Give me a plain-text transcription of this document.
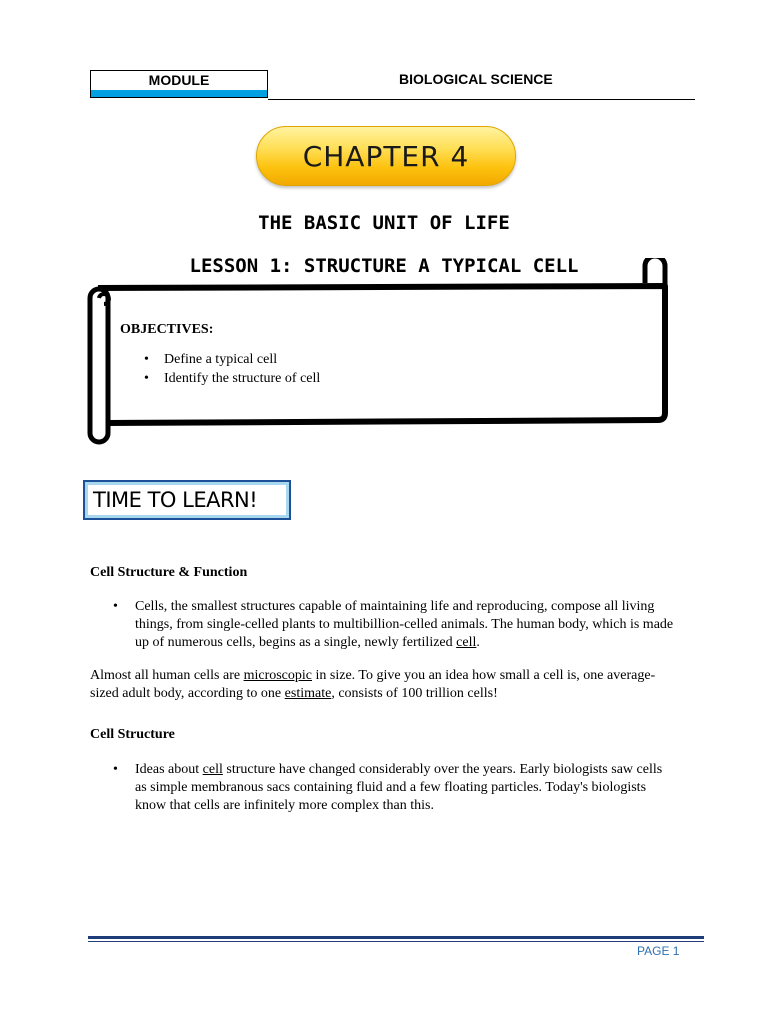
MODULE	BIOLOGICAL SCIENCE
CHAPTER 4
THE BASIC UNIT OF LIFE
LESSON 1: STRUCTURE A TYPICAL CELL
OBJECTIVES:
• Define a typical cell
• Identify the structure of cell
TIME TO LEARN!
Cell Structure & Function
• Cells, the smallest structures capable of maintaining life and reproducing, compose all living things, from single-celled plants to multibillion-celled animals. The human body, which is made up of numerous cells, begins as a single, newly fertilized cell.
Almost all human cells are microscopic in size. To give you an idea how small a cell is, one average-sized adult body, according to one estimate, consists of 100 trillion cells!
Cell Structure
• Ideas about cell structure have changed considerably over the years. Early biologists saw cells as simple membranous sacs containing fluid and a few floating particles. Today's biologists know that cells are infinitely more complex than this.
PAGE 1
